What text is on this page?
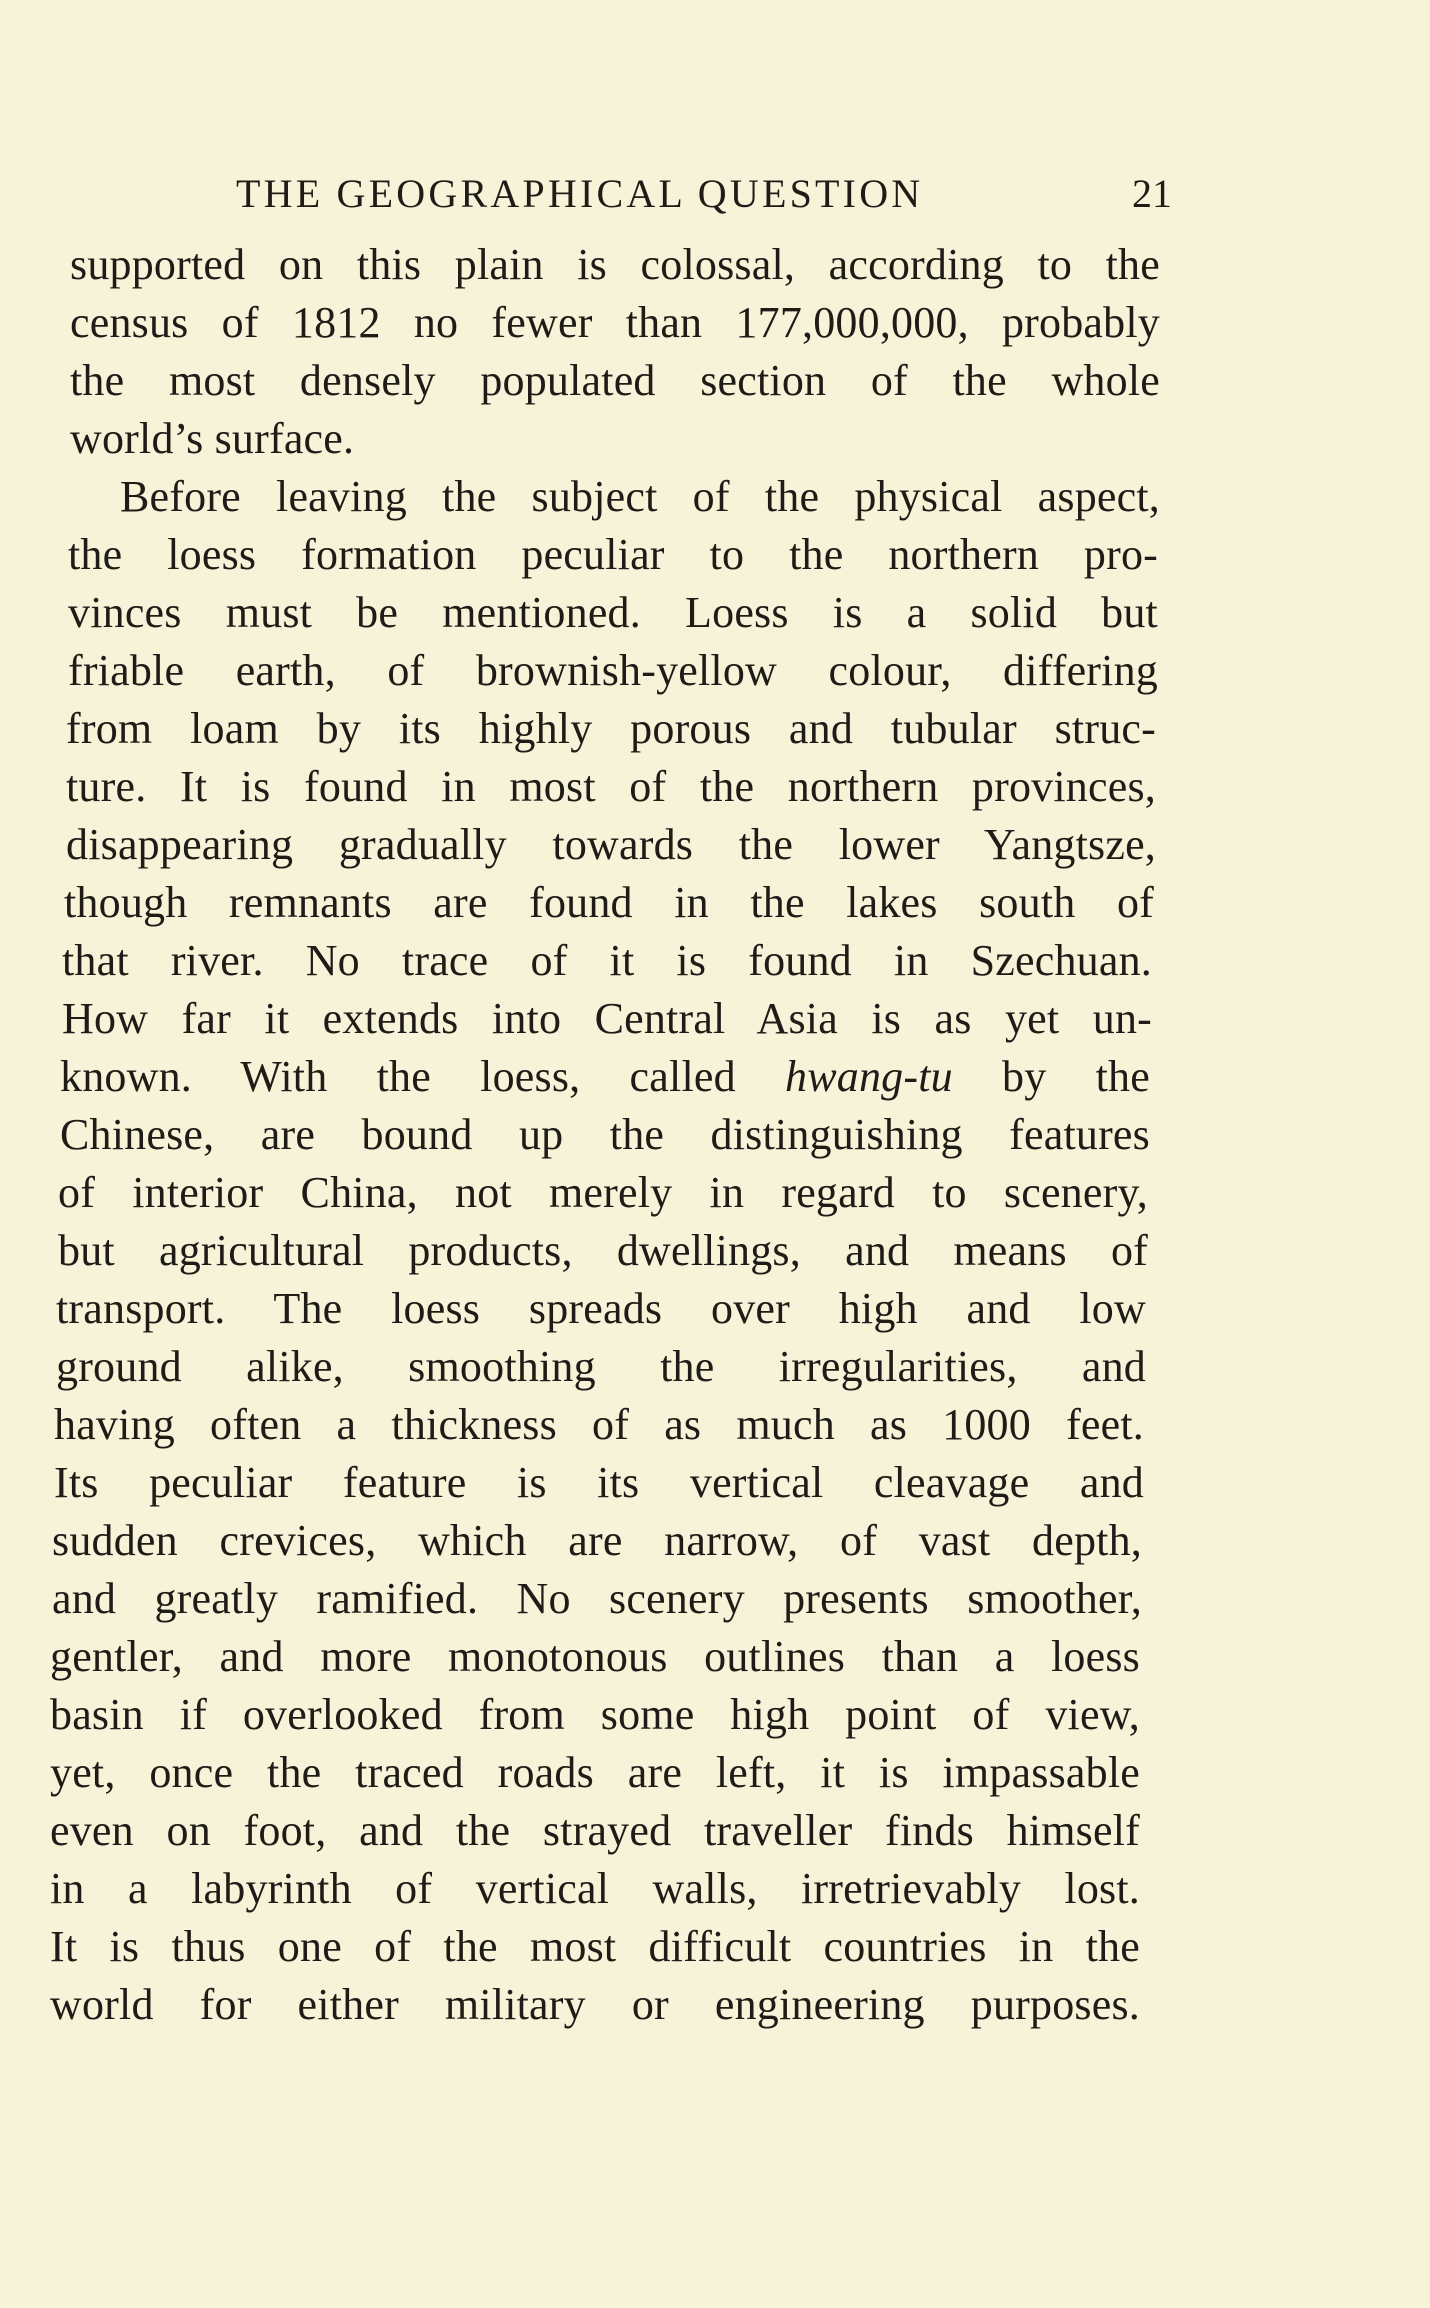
THE GEOGRAPHICAL QUESTION	21
supported on this plain is colossal, according to the
census of 1812 no fewer than 177,000,000, probably
the most densely populated section of the whole
world’s surface.
Before leaving the subject of the physical aspect,
the loess formation peculiar to the northern pro-
vinces must be mentioned. Loess is a solid but
friable earth, of brownish-yellow colour, differing
from loam by its highly porous and tubular struc-
ture. It is found in most of the northern provinces,
disappearing gradually towards the lower Yangtsze,
though remnants are found in the lakes south of
that river. No trace of it is found in Szechuan.
How far it extends into Central Asia is as yet un-
known. With the loess, called hwang-tu by the
Chinese, are bound up the distinguishing features
of interior China, not merely in regard to scenery,
but agricultural products, dwellings, and means of
transport. The loess spreads over high and low
ground alike, smoothing the irregularities, and
having often a thickness of as much as 1000 feet.
Its peculiar feature is its vertical cleavage and
sudden crevices, which are narrow, of vast depth,
and greatly ramified. No scenery presents smoother,
gentler, and more monotonous outlines than a loess
basin if overlooked from some high point of view,
yet, once the traced roads are left, it is impassable
even on foot, and the strayed traveller finds himself
in a labyrinth of vertical walls, irretrievably lost.
It is thus one of the most difficult countries in the
world for either military or engineering purposes.
